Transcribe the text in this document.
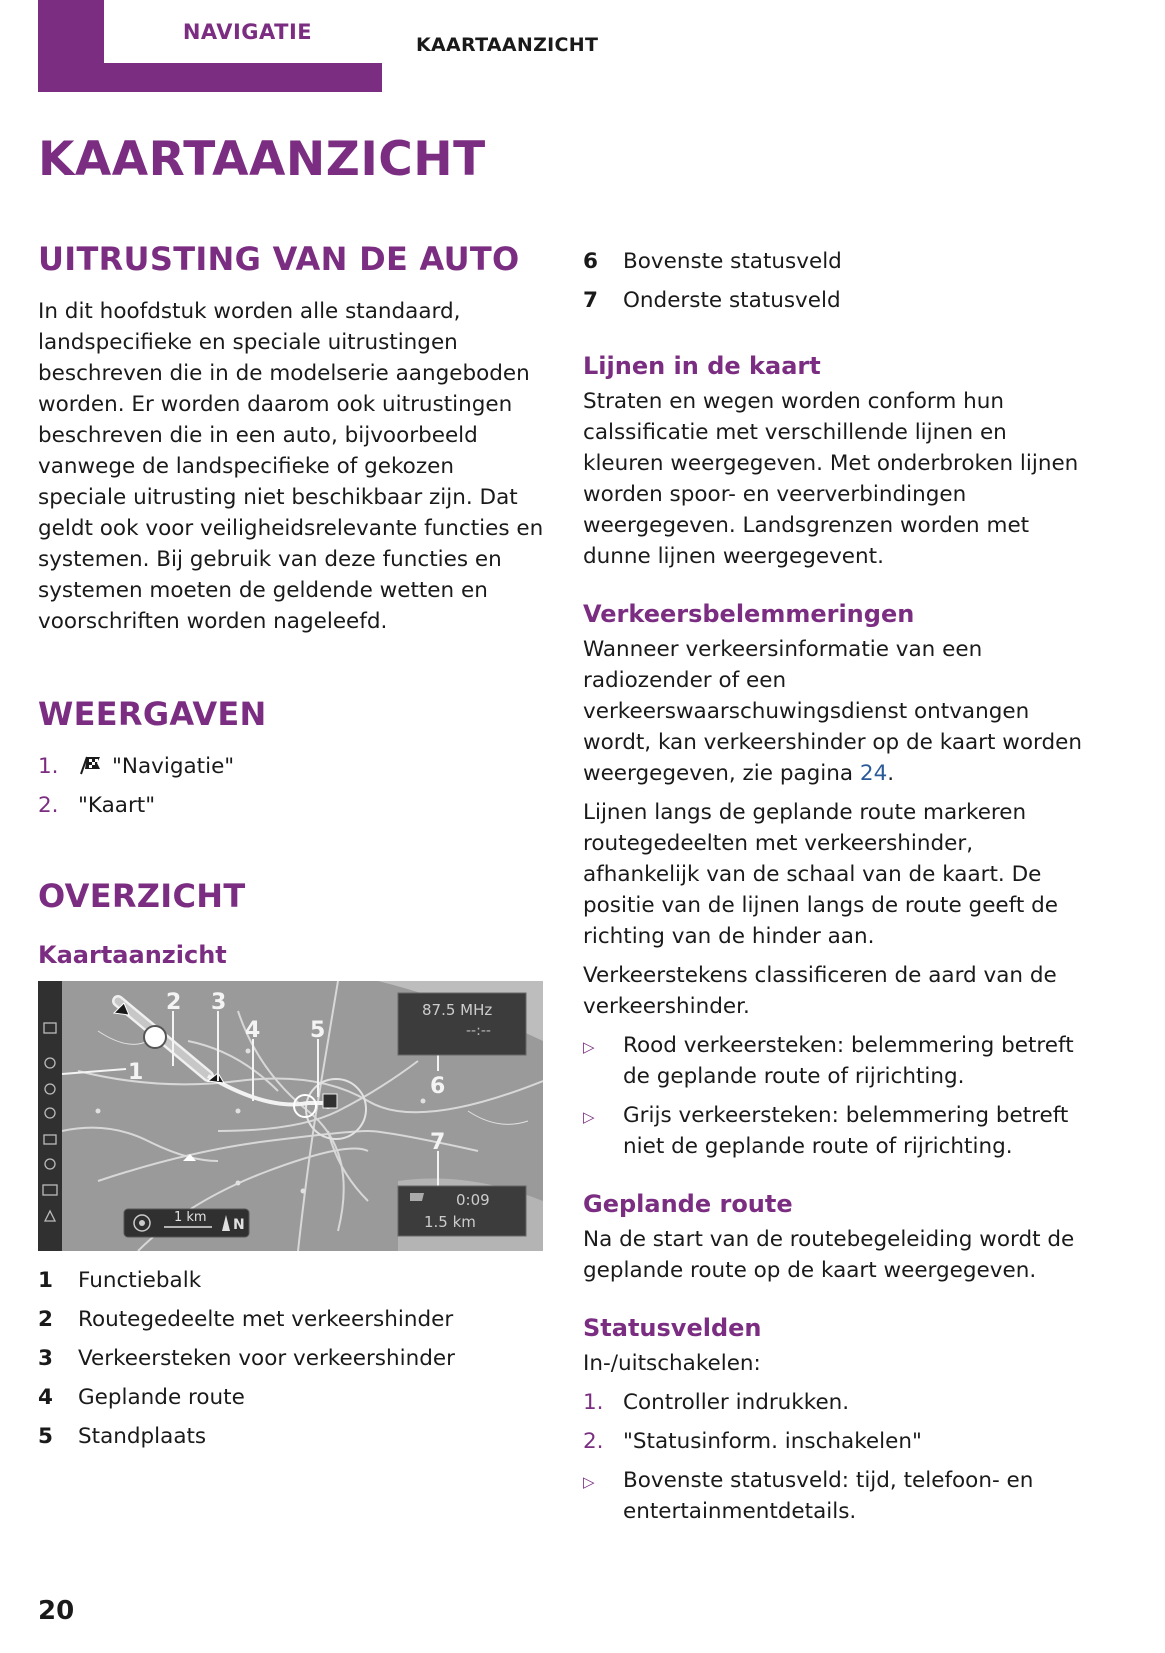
NAVIGATIE
KAARTAANZICHT
KAARTAANZICHT
UITRUSTING VAN DE AUTO

In dit hoofdstuk worden alle standaard, landspecifieke en speciale uitrustingen beschreven die in de modelserie aangeboden worden. Er worden daarom ook uitrustingen beschreven die in een auto, bijvoorbeeld vanwege de landspecifieke of gekozen speciale uitrusting niet beschikbaar zijn. Dat geldt ook voor veiligheidsrelevante functies en systemen. Bij gebruik van deze functies en systemen moeten de geldende wetten en voorschriften worden nageleefd.

WEERGAVEN
1.	"Navigatie"
2. "Kaart"
OVERZICHT
Kaartaanzicht
1
2 3
4 5
6
7
87.5 MHz
--:--
0:09
1.5 km
1 km N
1	Functiebalk
2	Routegedeelte met verkeershinder
3	Verkeersteken voor verkeershinder
4	Geplande route
5	Standplaats
6	Bovenste statusveld
7	Onderste statusveld
Lijnen in de kaart

Straten en wegen worden conform hun calssificatie met verschillende lijnen en kleuren weergegeven. Met onderbroken lijnen worden spoor- en veerverbindingen weergegeven. Landsgrenzen worden met dunne lijnen weergegevent.

Verkeersbelemmeringen

Wanneer verkeersinformatie van een radiozender of een verkeerswaarschuwingsdienst ontvangen wordt, kan verkeershinder op de kaart worden weergegeven, zie pagina 24.

Lijnen langs de geplande route markeren routegedeelten met verkeershinder, afhankelijk van de schaal van de kaart. De positie van de lijnen langs de route geeft de richting van de hinder aan.

Verkeerstekens classificeren de aard van de verkeershinder.

▷	Rood verkeersteken: belemmering betreft de geplande route of rijrichting.
▷	Grijs verkeersteken: belemmering betreft niet de geplande route of rijrichting.
Geplande route

Na de start van de routebegeleiding wordt de geplande route op de kaart weergegeven.

Statusvelden

In-/uitschakelen:

1. Controller indrukken.
2. "Statusinform. inschakelen"
▷	Bovenste statusveld: tijd, telefoon- en entertainmentdetails.
20
